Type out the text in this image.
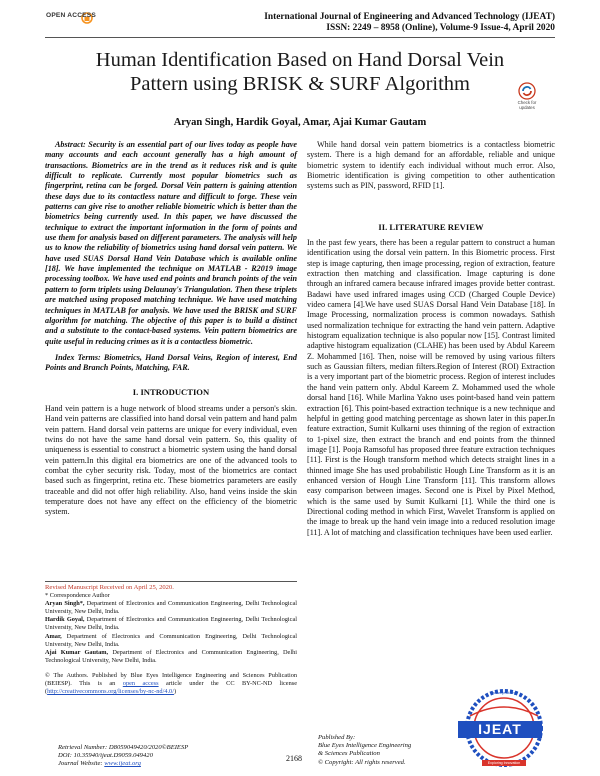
OPEN ACCESS	International Journal of Engineering and Advanced Technology (IJEAT)
ISSN: 2249 – 8958 (Online), Volume-9 Issue-4, April 2020
Human Identification Based on Hand Dorsal Vein
Pattern using BRISK & SURF Algorithm
Check for updates
Aryan Singh, Hardik Goyal, Amar, Ajai Kumar Gautam
Abstract: Security is an essential part of our lives today as people have many accounts and each account generally has a high amount of transactions. Biometrics are in the trend as it reduces risk and is quite difficult to replicate. Currently most popular biometrics such as fingerprint, retina can be forged. Dorsal Vein pattern is gaining attention these days due to its contactless nature and difficult to forge. These vein patterns can give rise to another reliable biometric which is better than the biometrics being currently used. In this paper, we have discussed the technique to extract the important information in the form of points and use them for analysis based on different parameters. The analysis will help us to know the reliability of biometrics using hand dorsal vein pattern. We have used SUAS Dorsal Hand Vein Database which is available online [18]. We have implemented the technique on MATLAB - R2019 image processing toolbox. We have used end points and branch points of the vein pattern to form triplets using Delaunay's Triangulation. Then these triplets are matched using proposed matching technique. We have used matching techniques in MATLAB for analysis. We have used the BRISK and SURF algorithm for matching. The objective of this paper is to build a distinct and a substitute to the contact-based systems. Vein pattern biometrics are quite useful in reducing crimes as it is a contactless biometric.
Index Terms: Biometrics, Hand Dorsal Veins, Region of interest, End Points and Branch Points, Matching, FAR.
I. INTRODUCTION
Hand vein pattern is a huge network of blood streams under a person's skin. Hand vein patterns are classified into hand dorsal vein pattern and hand palm vein pattern. Hand dorsal vein patterns are unique for every individual, even twins do not have the same hand dorsal vein pattern. So, this quality of uniqueness is essential to construct a biometric system using the hand dorsal vein pattern.In this digital era biometrics are one of the advanced tools to combat the cyber security risk. Today, most of the biometrics are contact based such as fingerprint, retina etc. These biometrics parameters are easily traceable and did not offer high reliability. Also, hand veins inside the skin temperature does not have any effect on the efficiency of the biometric system.
Revised Manuscript Received on April 25, 2020.
* Correspondence Author
Aryan Singh*, Department of Electronics and Communication Engineering, Delhi Technological University, New Delhi, India.
Hardik Goyal, Department of Electronics and Communication Engineering, Delhi Technological University, New Delhi, India.
Amar, Department of Electronics and Communication Engineering, Delhi Technological University, New Delhi, India.
Ajai Kumar Gautam, Department of Electronics and Communication Engineering, Delhi Technological University, New Delhi, India.
© The Authors. Published by Blue Eyes Intelligence Engineering and Sciences Publication (BEIESP). This is an open access article under the CC BY-NC-ND license (http://creativecommons.org/licenses/by-nc-nd/4.0/)
While hand dorsal vein pattern biometrics is a contactless biometric system. There is a high demand for an affordable, reliable and unique biometric system to identify each individual without much error. Also, Biometric identification is giving competition to other authentication systems such as PIN, password, RFID [1].
II. LITERATURE REVIEW
In the past few years, there has been a regular pattern to construct a human identification using the dorsal vein pattern. In this Biometric process. First step is image capturing, then image processing, region of extraction, feature extraction then matching and classification. Image capturing is done through an infrared camera because infrared images provide better contrast. Badawi have used infrared images using CCD (Charged Couple Device) video camera [4].We have used SUAS Dorsal Hand Vein Database [18]. In Image Processing, normalization process is common nowadays. Sathish used normalization technique for extracting the hand vein pattern. Adaptive histogram equalization technique is also popular now [15]. Contrast limited adaptive histogram equalization (CLAHE) has been used by Abdul Kareem Z. Mohammed [16]. Then, noise will be removed by using various filters such as Gaussian filters, median filters.Region of Interest (ROI) Extraction is a very important part of the biometric process. Region of interest includes the hand vein pattern only. Abdul Kareem Z. Mohammed used the whole dorsal hand [16]. While Marlina Yakno uses point-based hand vein pattern extraction [6]. This point-based extraction technique is a new technique and helpful in getting good matching percentage as shown later in this paper.In feature extraction, Sumit Kulkarni uses thinning of the region of extraction to 1-pixel size, then extract the branch and end points from the thinned image [1]. Pooja Ramsoful has proposed three feature extraction techniques [11]. First is the Hough transform method which detects straight lines in a thinned image She has used probabilistic Hough Line Transform as it is an enhanced version of Hough Line Transform [11]. This transform allows easy comparison between images. Second one is Pixel by Pixel Method, which is the same used by Sumit Kulkarni [1]. While the third one is Directional coding method in which First, Wavelet Transform is applied on the image to break up the hand vein image into a reduced resolution image [11]. A lot of matching and classification techniques have been used earlier.
www.ijeat.org
IJEAT
Exploring Innovation
Retrieval Number: D8059049420/2020©BEIESP
DOI: 10.35940/ijeat.D9059.049420
Journal Website: www.ijeat.org
2168
Published By:
Blue Eyes Intelligence Engineering
& Sciences Publication
© Copyright: All rights reserved.
